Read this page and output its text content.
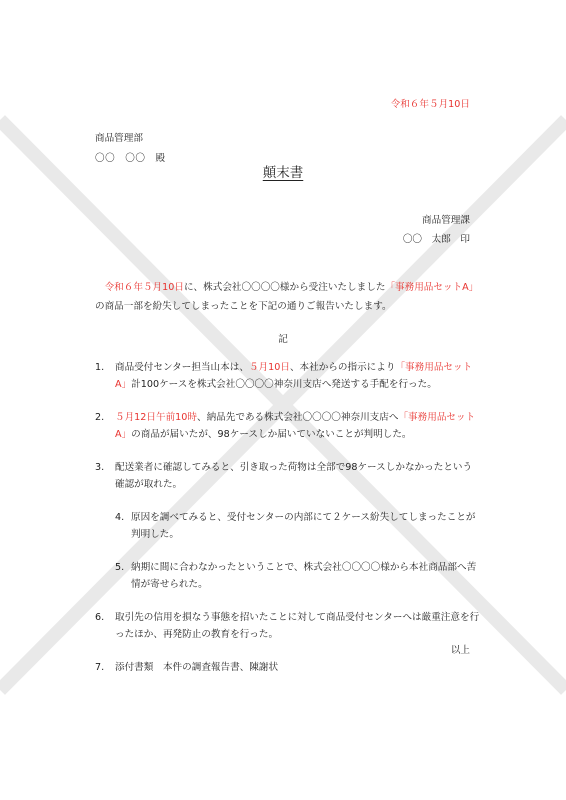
令和６年５月10日
商品管理部
〇〇　〇〇　殿
顛末書
商品管理課
〇〇　太郎　印
　令和６年５月10日に、株式会社〇〇〇〇様から受注いたしました「事務用品セットA」の商品一部を紛失してしまったことを下記の通りご報告いたします。
記
1.	商品受付センター担当山本は、５月10日、本社からの指示により「事務用品セットA」計100ケースを株式会社〇〇〇〇神奈川支店へ発送する手配を行った。
2.	５月12日午前10時、納品先である株式会社〇〇〇〇神奈川支店へ「事務用品セットA」の商品が届いたが、98ケースしか届いていないことが判明した。
3.	配送業者に確認してみると、引き取った荷物は全部で98ケースしかなかったという確認が取れた。
4. 原因を調べてみると、受付センターの内部にて２ケース紛失してしまったことが判明した。
5. 納期に間に合わなかったということで、株式会社〇〇〇〇様から本社商品部へ苦情が寄せられた。
6.	取引先の信用を損なう事態を招いたことに対して商品受付センターへは厳重注意を行ったほか、再発防止の教育を行った。
7.	添付書類　本件の調査報告書、陳謝状
以上
